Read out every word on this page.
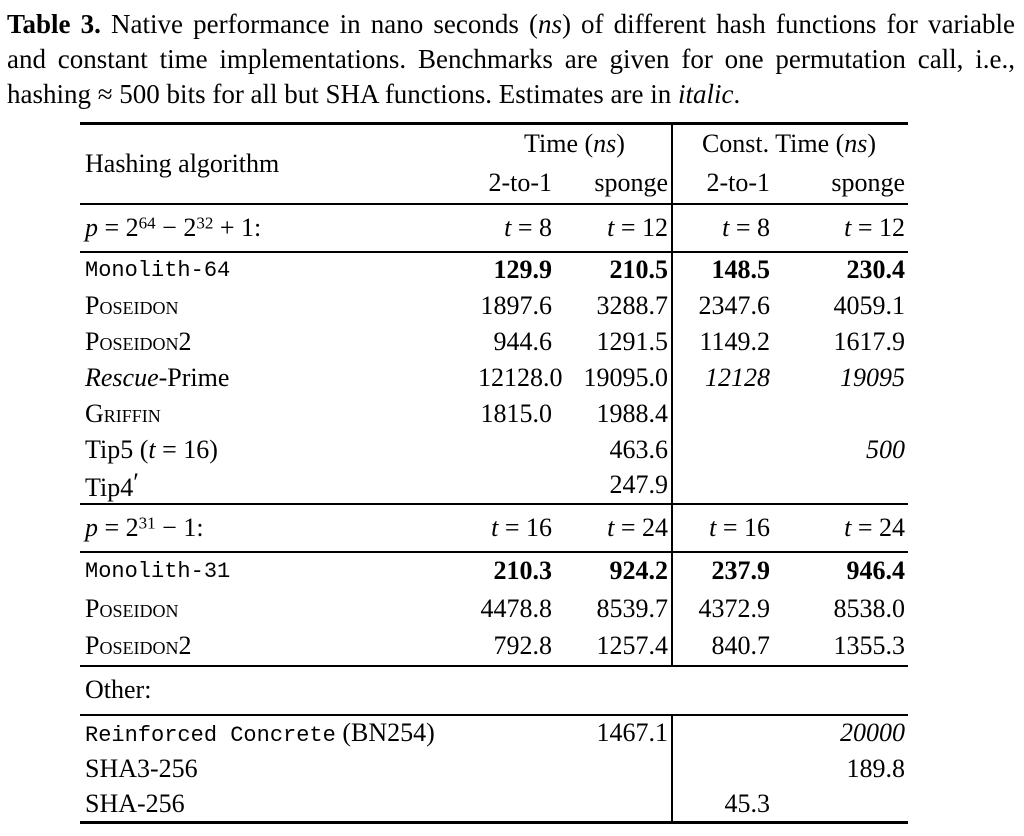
Table 3. Native performance in nano seconds (ns) of different hash functions for variable and constant time implementations. Benchmarks are given for one permutation call, i.e., hashing ≈ 500 bits for all but SHA functions. Estimates are in italic.

Hashing algorithm	Time (ns)		Const. Time (ns)	
	2-to-1	sponge	2-to-1	sponge
$p = 2^{64} - 2^{32} + 1$:	t = 8	t = 12	t = 8	t = 12
Monolith-64	129.9	210.5	148.5	230.4
Poseidon	1897.6	3288.7	2347.6	4059.1
Poseidon2	944.6	1291.5	1149.2	1617.9
Rescue-Prime	12128.0	19095.0	12128	19095
Griffin	1815.0	1988.4		
Tip5 (t = 16)		463.6		500
Tip4′		247.9		
$p = 2^{31} - 1$:	t = 16	t = 24	t = 16	t = 24
Monolith-31	210.3	924.2	237.9	946.4
Poseidon	4478.8	8539.7	4372.9	8538.0
Poseidon2	792.8	1257.4	840.7	1355.3
Other:				
Reinforced Concrete (BN254)		1467.1		20000
SHA3-256				189.8
SHA-256			45.3	
